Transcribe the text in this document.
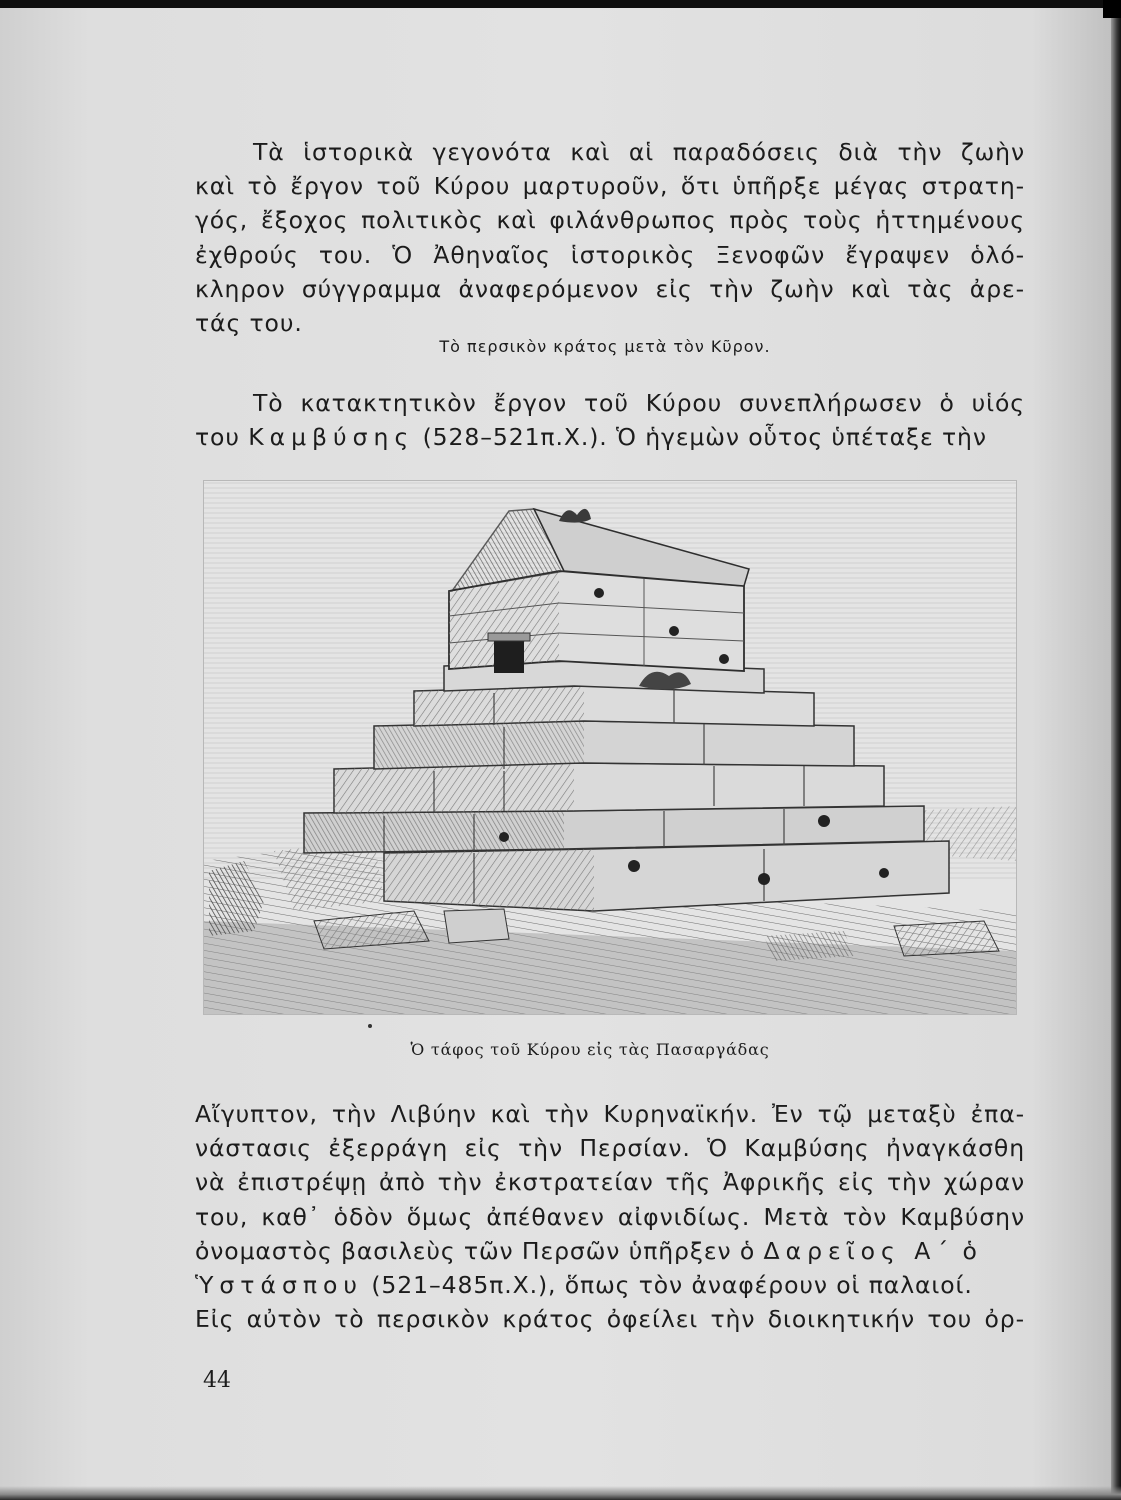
Τὰ ἱστορικὰ γεγονότα καὶ αἱ παραδόσεις διὰ τὴν ζωὴν
καὶ τὸ ἔργον τοῦ Κύρου μαρτυροῦν, ὅτι ὑπῆρξε μέγας στρατη-
γός, ἔξοχος πολιτικὸς καὶ φιλάνθρωπος πρὸς τοὺς ἡττημένους
ἐχθρούς του. Ὁ Ἀθηναῖος ἱστορικὸς Ξενοφῶν ἔγραψεν ὁλό-
κληρον σύγγραμμα ἀναφερόμενον εἰς τὴν ζωὴν καὶ τὰς ἀρε-
τάς του.

Τὸ περσικὸν κράτος μετὰ τὸν Κῦρον.

Τὸ κατακτητικὸν ἔργον τοῦ Κύρου συνεπλήρωσεν ὁ υἱός
του Καμβύσης (528–521π.Χ.). Ὁ ἡγεμὼν οὗτος ὑπέταξε τὴν

Ὁ τάφος τοῦ Κύρου εἰς τὰς Πασαργάδας

Αἴγυπτον, τὴν Λιβύην καὶ τὴν Κυρηναϊκήν. Ἐν τῷ μεταξὺ ἐπα-
νάστασις ἐξερράγη εἰς τὴν Περσίαν. Ὁ Καμβύσης ἠναγκάσθη
νὰ ἐπιστρέψῃ ἀπὸ τὴν ἐκστρατείαν τῆς Ἀφρικῆς εἰς τὴν χώραν
του, καθ᾽ ὁδὸν ὅμως ἀπέθανεν αἰφνιδίως. Μετὰ τὸν Καμβύσην
ὀνομαστὸς βασιλεὺς τῶν Περσῶν ὑπῆρξεν ὁ Δαρεῖος Α΄ ὁ
Ὑστάσπου (521–485π.Χ.), ὅπως τὸν ἀναφέρουν οἱ παλαιοί.
Εἰς αὐτὸν τὸ περσικὸν κράτος ὀφείλει τὴν διοικητικήν του ὀρ-

44
